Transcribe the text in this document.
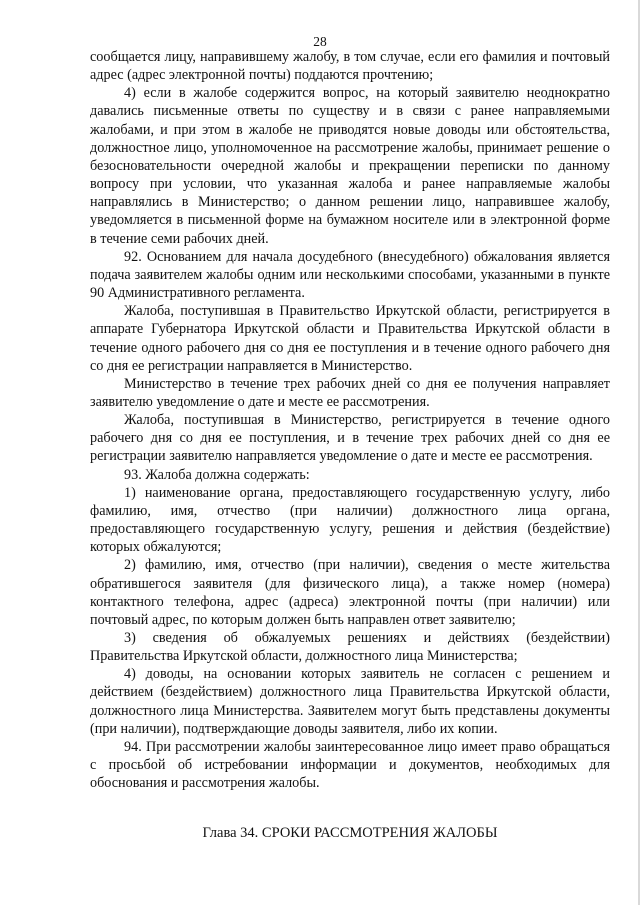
28

сообщается лицу, направившему жалобу, в том случае, если его фамилия и почтовый адрес (адрес электронной почты) поддаются прочтению;

4) если в жалобе содержится вопрос, на который заявителю неоднократно давались письменные ответы по существу и в связи с ранее направляемыми жалобами, и при этом в жалобе не приводятся новые доводы или обстоятельства, должностное лицо, уполномоченное на рассмотрение жалобы, принимает решение о безосновательности очередной жалобы и прекращении переписки по данному вопросу при условии, что указанная жалоба и ранее направляемые жалобы направлялись в Министерство; о данном решении лицо, направившее жалобу, уведомляется в письменной форме на бумажном носителе или в электронной форме в течение семи рабочих дней.

92. Основанием для начала досудебного (внесудебного) обжалования является подача заявителем жалобы одним или несколькими способами, указанными в пункте 90 Административного регламента.

Жалоба, поступившая в Правительство Иркутской области, регистрируется в аппарате Губернатора Иркутской области и Правительства Иркутской области в течение одного рабочего дня со дня ее поступления и в течение одного рабочего дня со дня ее регистрации направляется в Министерство.

Министерство в течение трех рабочих дней со дня ее получения направляет заявителю уведомление о дате и месте ее рассмотрения.

Жалоба, поступившая в Министерство, регистрируется в течение одного рабочего дня со дня ее поступления, и в течение трех рабочих дней со дня ее регистрации заявителю направляется уведомление о дате и месте ее рассмотрения.

93. Жалоба должна содержать:

1) наименование органа, предоставляющего государственную услугу, либо фамилию, имя, отчество (при наличии) должностного лица органа, предоставляющего государственную услугу, решения и действия (бездействие) которых обжалуются;

2) фамилию, имя, отчество (при наличии), сведения о месте жительства обратившегося заявителя (для физического лица), а также номер (номера) контактного телефона, адрес (адреса) электронной почты (при наличии) или почтовый адрес, по которым должен быть направлен ответ заявителю;

3) сведения об обжалуемых решениях и действиях (бездействии) Правительства Иркутской области, должностного лица Министерства;

4) доводы, на основании которых заявитель не согласен с решением и действием (бездействием) должностного лица Правительства Иркутской области, должностного лица Министерства. Заявителем могут быть представлены документы (при наличии), подтверждающие доводы заявителя, либо их копии.

94. При рассмотрении жалобы заинтересованное лицо имеет право обращаться с просьбой об истребовании информации и документов, необходимых для обоснования и рассмотрения жалобы.

Глава 34. СРОКИ РАССМОТРЕНИЯ ЖАЛОБЫ
